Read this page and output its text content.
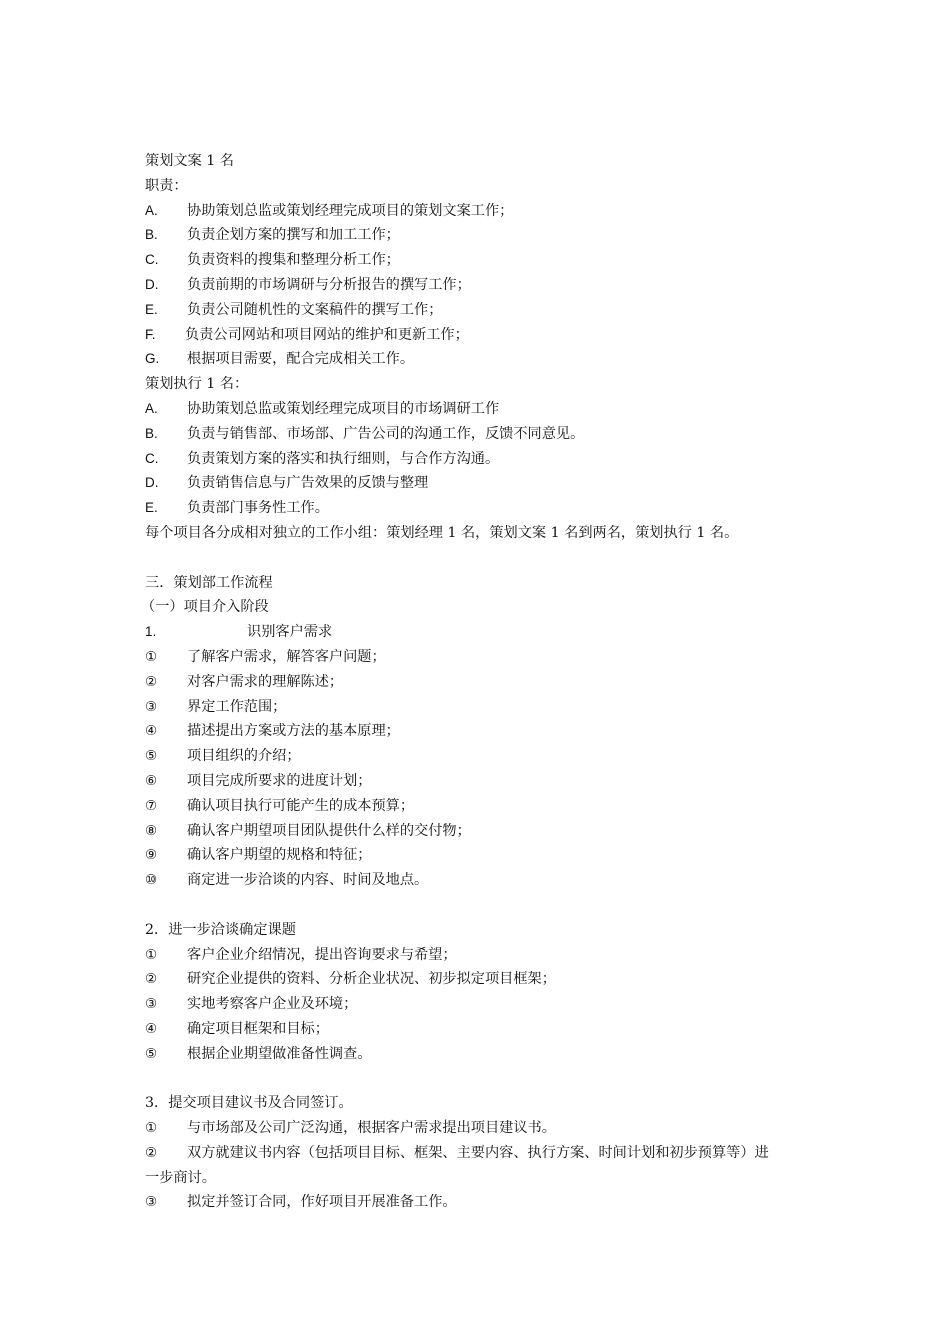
策划文案 1 名
职责：
A. 协助策划总监或策划经理完成项目的策划文案工作；
B. 负责企划方案的撰写和加工工作；
C. 负责资料的搜集和整理分析工作；
D. 负责前期的市场调研与分析报告的撰写工作；
E. 负责公司随机性的文案稿件的撰写工作；
F. 负责公司网站和项目网站的维护和更新工作；
G. 根据项目需要，配合完成相关工作。
策划执行 1 名：
A. 协助策划总监或策划经理完成项目的市场调研工作
B. 负责与销售部、市场部、广告公司的沟通工作，反馈不同意见。
C. 负责策划方案的落实和执行细则，与合作方沟通。
D. 负责销售信息与广告效果的反馈与整理
E. 负责部门事务性工作。
每个项目各分成相对独立的工作小组：策划经理 1 名，策划文案 1 名到两名，策划执行 1 名。
三．策划部工作流程
（一）项目介入阶段
1.	识别客户需求
① 了解客户需求，解答客户问题；
② 对客户需求的理解陈述；
③ 界定工作范围；
④ 描述提出方案或方法的基本原理；
⑤ 项目组织的介绍；
⑥ 项目完成所要求的进度计划；
⑦ 确认项目执行可能产生的成本预算；
⑧ 确认客户期望项目团队提供什么样的交付物；
⑨ 确认客户期望的规格和特征；
⑩ 商定进一步洽谈的内容、时间及地点。
2．进一步洽谈确定课题
① 客户企业介绍情况，提出咨询要求与希望；
② 研究企业提供的资料、分析企业状况、初步拟定项目框架；
③ 实地考察客户企业及环境；
④ 确定项目框架和目标；
⑤ 根据企业期望做准备性调查。
3．提交项目建议书及合同签订。
① 与市场部及公司广泛沟通，根据客户需求提出项目建议书。
② 双方就建议书内容（包括项目目标、框架、主要内容、执行方案、时间计划和初步预算等）进
一步商讨。
③ 拟定并签订合同，作好项目开展准备工作。
